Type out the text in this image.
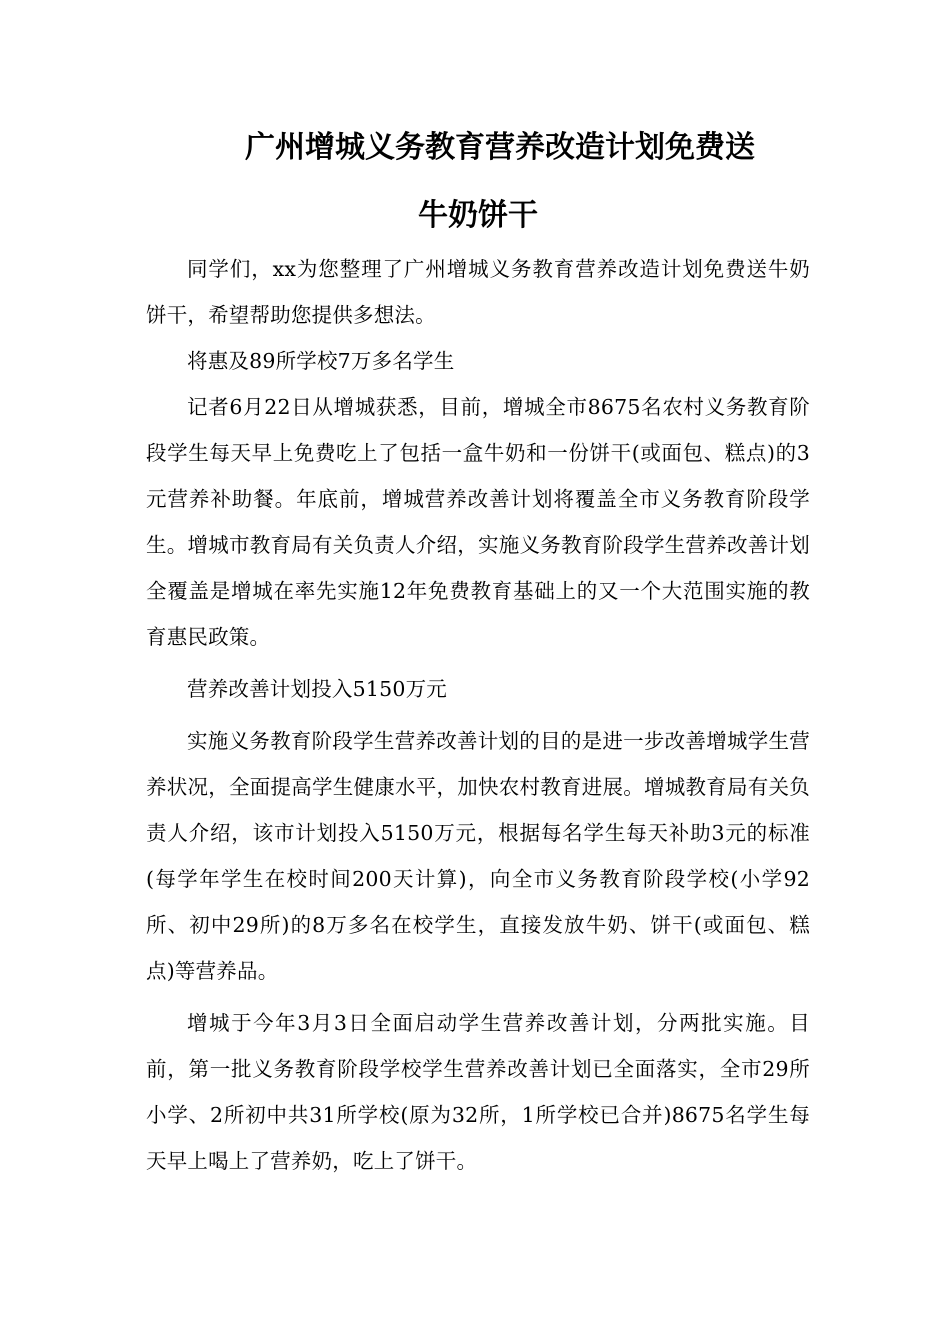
广州增城义务教育营养改造计划免费送
牛奶饼干

同学们，xx为您整理了广州增城义务教育营养改造计划免费送牛奶饼干，希望帮助您提供多想法。

将惠及89所学校7万多名学生

记者6月22日从增城获悉，目前，增城全市8675名农村义务教育阶段学生每天早上免费吃上了包括一盒牛奶和一份饼干(或面包、糕点)的3元营养补助餐。年底前，增城营养改善计划将覆盖全市义务教育阶段学生。增城市教育局有关负责人介绍，实施义务教育阶段学生营养改善计划全覆盖是增城在率先实施12年免费教育基础上的又一个大范围实施的教育惠民政策。

营养改善计划投入5150万元

实施义务教育阶段学生营养改善计划的目的是进一步改善增城学生营养状况，全面提高学生健康水平，加快农村教育进展。增城教育局有关负责人介绍，该市计划投入5150万元，根据每名学生每天补助3元的标准(每学年学生在校时间200天计算)，向全市义务教育阶段学校(小学92所、初中29所)的8万多名在校学生，直接发放牛奶、饼干(或面包、糕点)等营养品。

增城于今年3月3日全面启动学生营养改善计划，分两批实施。目前，第一批义务教育阶段学校学生营养改善计划已全面落实，全市29所小学、2所初中共31所学校(原为32所，1所学校已合并)8675名学生每天早上喝上了营养奶，吃上了饼干。
